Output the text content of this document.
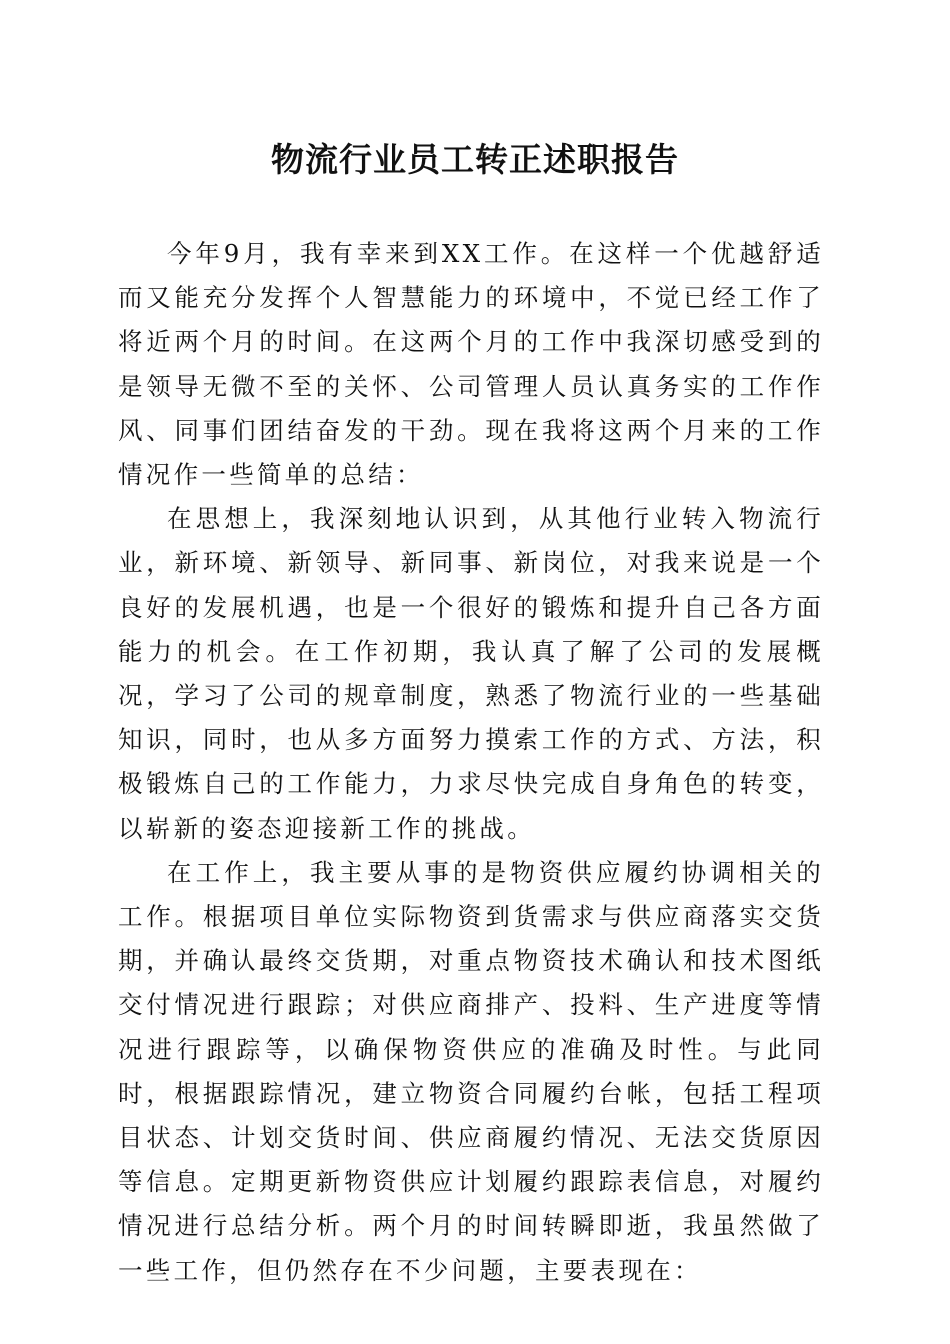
物流行业员工转正述职报告

今年9月，我有幸来到XX工作。在这样一个优越舒适而又能充分发挥个人智慧能力的环境中，不觉已经工作了将近两个月的时间。在这两个月的工作中我深切感受到的是领导无微不至的关怀、公司管理人员认真务实的工作作风、同事们团结奋发的干劲。现在我将这两个月来的工作情况作一些简单的总结：

在思想上，我深刻地认识到，从其他行业转入物流行业，新环境、新领导、新同事、新岗位，对我来说是一个良好的发展机遇，也是一个很好的锻炼和提升自己各方面能力的机会。在工作初期，我认真了解了公司的发展概况，学习了公司的规章制度，熟悉了物流行业的一些基础知识，同时，也从多方面努力摸索工作的方式、方法，积极锻炼自己的工作能力，力求尽快完成自身角色的转变，以崭新的姿态迎接新工作的挑战。

在工作上，我主要从事的是物资供应履约协调相关的工作。根据项目单位实际物资到货需求与供应商落实交货期，并确认最终交货期，对重点物资技术确认和技术图纸交付情况进行跟踪；对供应商排产、投料、生产进度等情况进行跟踪等，以确保物资供应的准确及时性。与此同时，根据跟踪情况，建立物资合同履约台帐，包括工程项目状态、计划交货时间、供应商履约情况、无法交货原因等信息。定期更新物资供应计划履约跟踪表信息，对履约情况进行总结分析。两个月的时间转瞬即逝，我虽然做了一些工作，但仍然存在不少问题，主要表现在：
